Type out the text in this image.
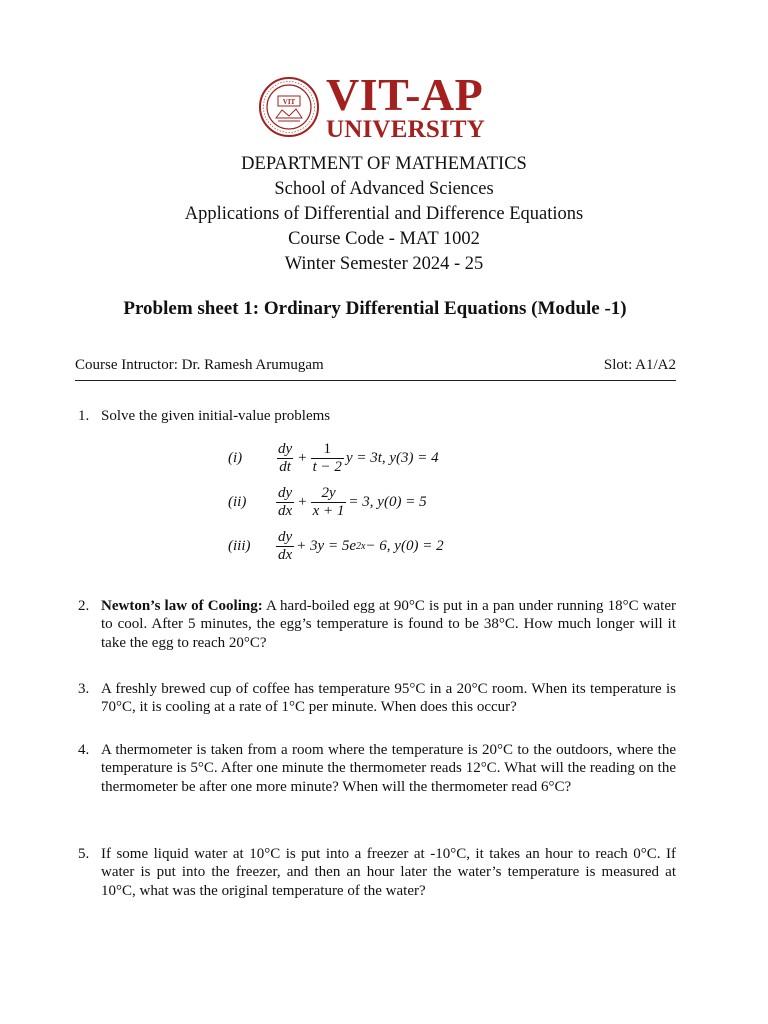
VIT VIT-AP
UNIVERSITY
DEPARTMENT OF MATHEMATICS
School of Advanced Sciences
Applications of Differential and Difference Equations
Course Code - MAT 1002
Winter Semester 2024 - 25
Problem sheet 1: Ordinary Differential Equations (Module -1)
Course Intructor: Dr. Ramesh Arumugam	Slot: A1/A2
1. Solve the given initial-value problems
$(i) \frac{dy}{dt} + \frac{1}{t - 2}$ y = 3t, y(3) = 4
$(ii) \frac{dy}{dx} + \frac{2y}{x + 1} = 3$, y(0) = 5
$(iii) \frac{dy}{dx} + 3y = 5e$ 2x − 6, y(0) = 2
2. Newton’s law of Cooling: A hard-boiled egg at 90°C is put in a pan under running 18°C water to cool. After 5 minutes, the egg’s temperature is found to be 38°C. How much longer will it take the egg to reach 20°C?
3. A freshly brewed cup of coffee has temperature 95°C in a 20°C room. When its temperature is 70°C, it is cooling at a rate of 1°C per minute. When does this occur?
4. A thermometer is taken from a room where the temperature is 20°C to the outdoors, where the temperature is 5°C. After one minute the thermometer reads 12°C. What will the reading on the thermometer be after one more minute? When will the thermometer read 6°C?
5. If some liquid water at 10°C is put into a freezer at -10°C, it takes an hour to reach 0°C. If water is put into the freezer, and then an hour later the water’s temperature is measured at 10°C, what was the original temperature of the water?
